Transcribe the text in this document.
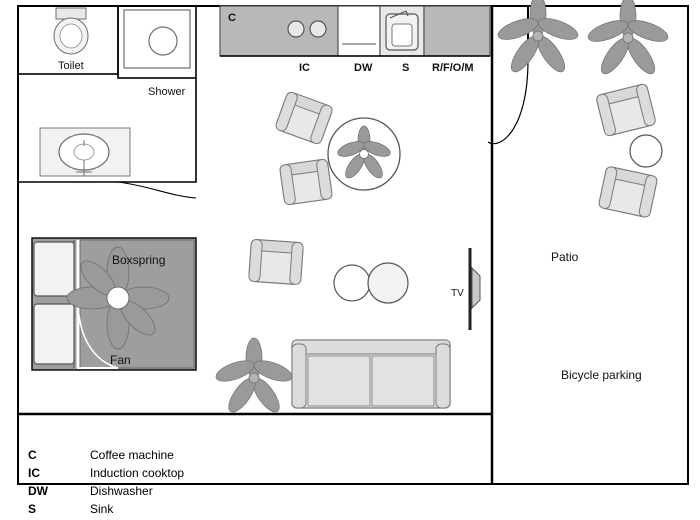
Toilet
Shower
Boxspring
Fan
Patio
Bicycle parking
TV
C
IC	DW	S R/F/O/M
C	Coffee machine
IC	Induction cooktop
DW	Dishwasher
S	Sink
